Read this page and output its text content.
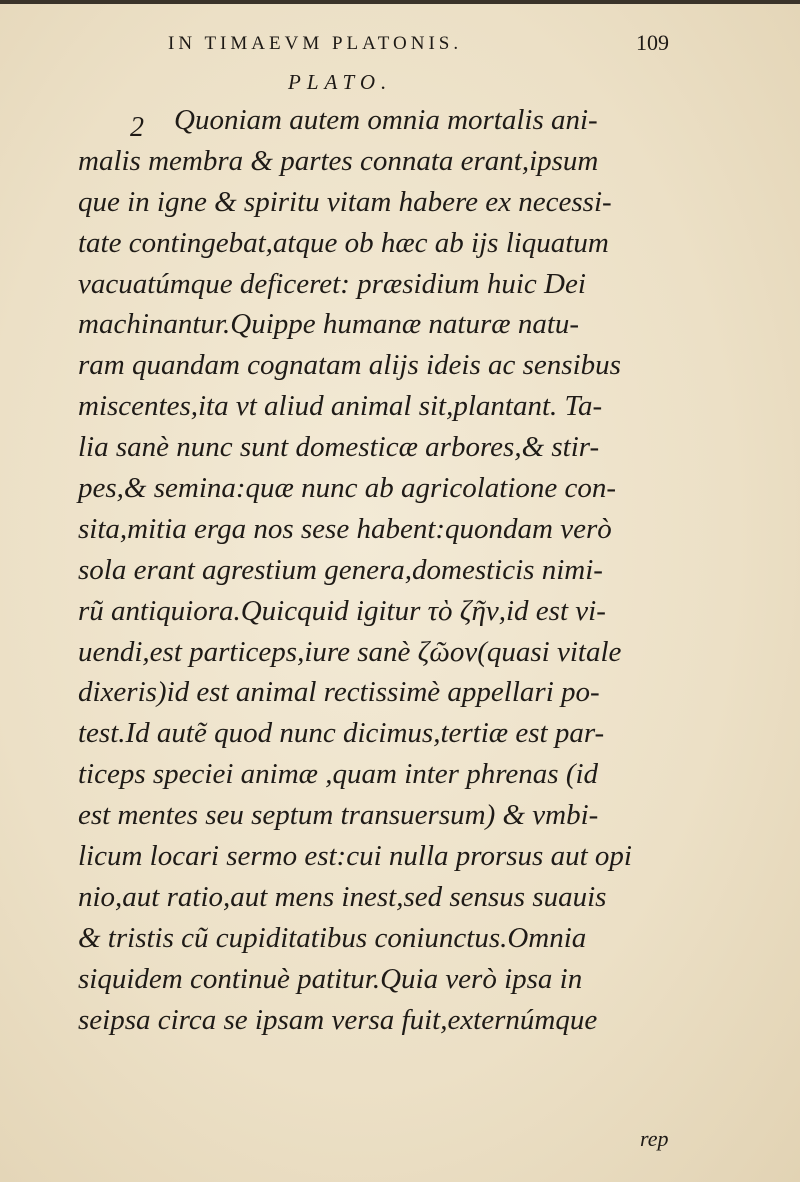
IN TIMAEVM PLATONIS.	109
PLATO.
2	Quoniam autem omnia mortalis ani-
malis membra & partes connata erant,ipsum
que in igne & spiritu vitam habere ex necessi-
tate contingebat,atque ob hæc ab ijs liquatum
vacuatúmque deficeret: præsidium huic Dei
machinantur.Quippe humanæ naturæ natu-
ram quandam cognatam alijs ideis ac sensibus
miscentes,ita vt aliud animal sit,plantant. Ta-
lia sanè nunc sunt domesticæ arbores,& stir-
pes,& semina:quæ nunc ab agricolatione con-
sita,mitia erga nos sese habent:quondam verò
sola erant agrestium genera,domesticis nimi-
rũ antiquiora.Quicquid igitur τὸ ζῆν,id est vi-
uendi,est particeps,iure sanè ζῶον(quasi vitale
dixeris)id est animal rectissimè appellari po-
test.Id autẽ quod nunc dicimus,tertiæ est par-
ticeps speciei animæ ,quam inter phrenas (id
est mentes seu septum transuersum) & vmbi-
licum locari sermo est:cui nulla prorsus aut opi
nio,aut ratio,aut mens inest,sed sensus suauis
& tristis cũ cupiditatibus coniunctus.Omnia
siquidem continuè patitur.Quia verò ipsa in
seipsa circa se ipsam versa fuit,externúmque
rep
